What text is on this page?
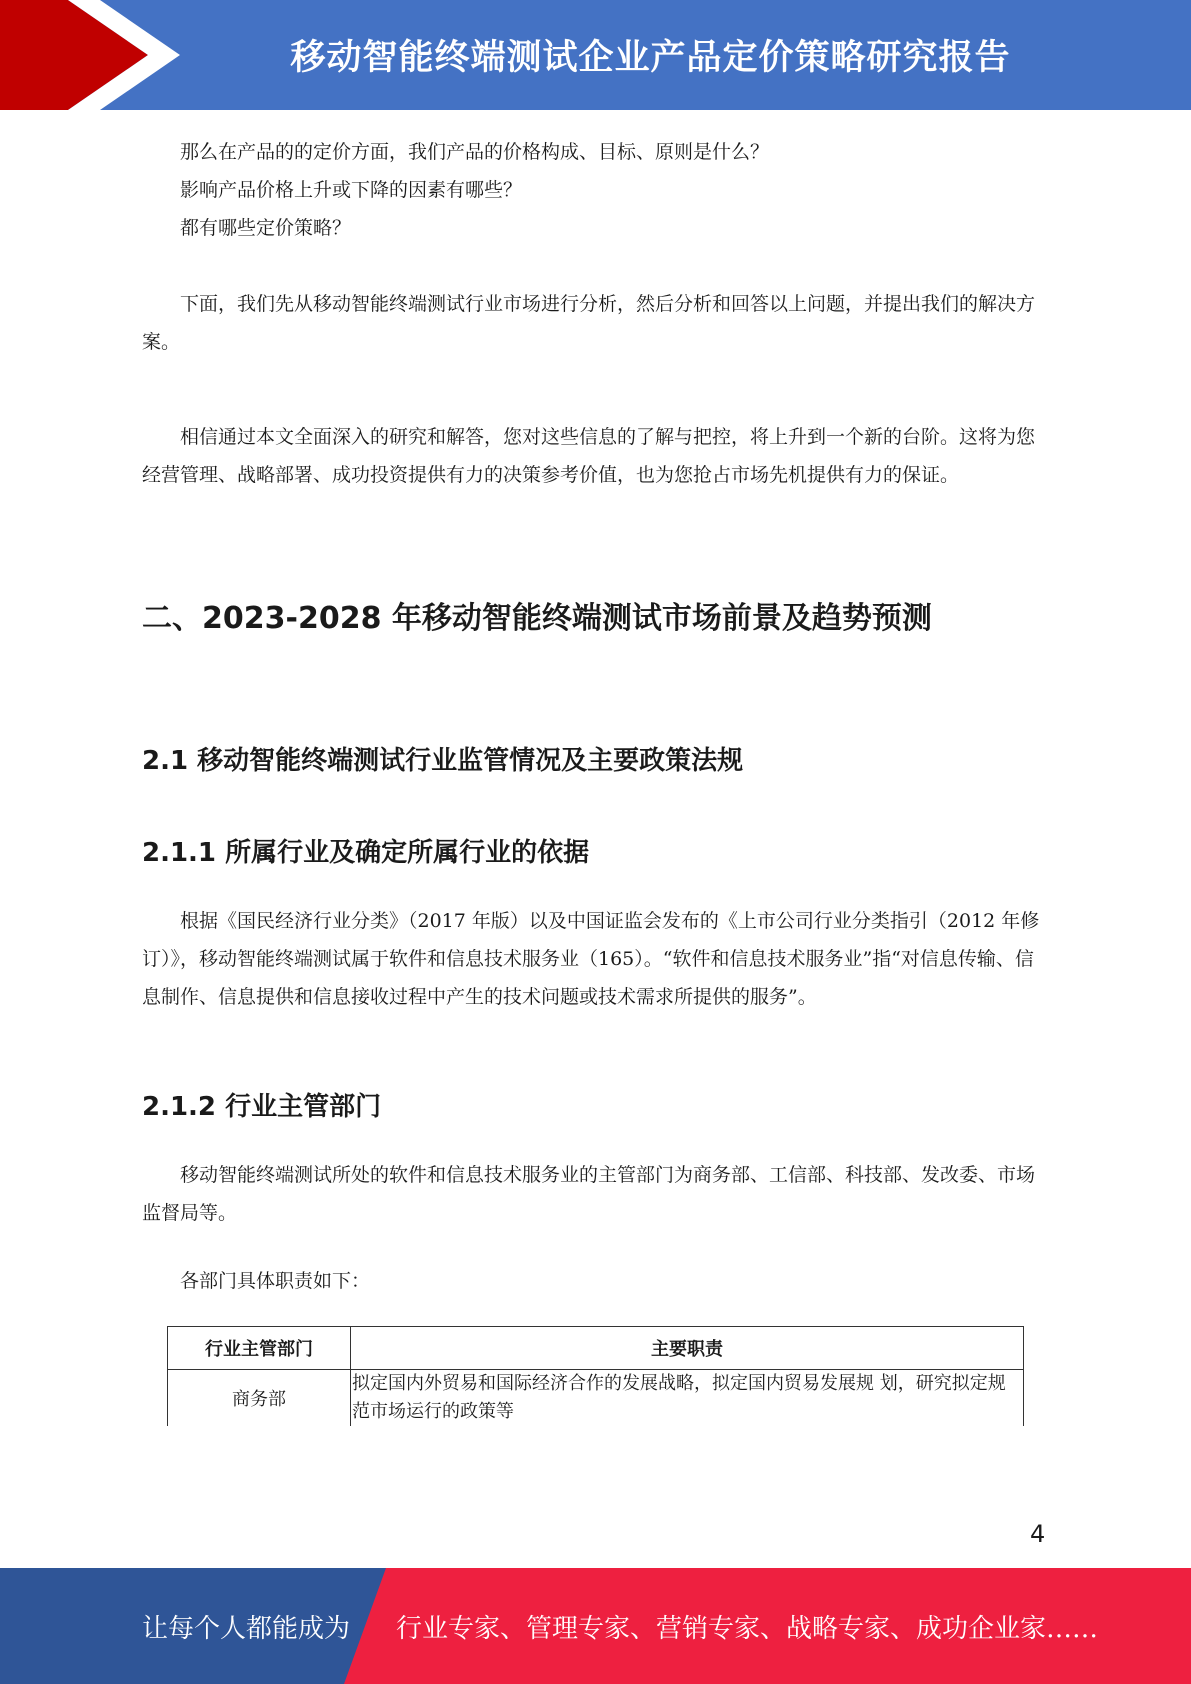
移动智能终端测试企业产品定价策略研究报告

那么在产品的的定价方面，我们产品的价格构成、目标、原则是什么？

影响产品价格上升或下降的因素有哪些？

都有哪些定价策略？

下面，我们先从移动智能终端测试行业市场进行分析，然后分析和回答以上问题，并提出我们的解决方案。

相信通过本文全面深入的研究和解答，您对这些信息的了解与把控，将上升到一个新的台阶。这将为您经营管理、战略部署、成功投资提供有力的决策参考价值，也为您抢占市场先机提供有力的保证。

二、2023-2028 年移动智能终端测试市场前景及趋势预测
2.1 移动智能终端测试行业监管情况及主要政策法规
2.1.1 所属行业及确定所属行业的依据

根据《国民经济行业分类》（2017 年版）以及中国证监会发布的《上市公司行业分类指引（2012 年修订）》，移动智能终端测试属于软件和信息技术服务业（165）。“软件和信息技术服务业”指“对信息传输、信息制作、信息提供和信息接收过程中产生的技术问题或技术需求所提供的服务”。

2.1.2 行业主管部门

移动智能终端测试所处的软件和信息技术服务业的主管部门为商务部、工信部、科技部、发改委、市场监督局等。

各部门具体职责如下：

行业主管部门	主要职责
商务部	拟定国内外贸易和国际经济合作的发展战略，拟定国内贸易发展规 划，研究拟定规范市场运行的政策等
4
让每个人都能成为 行业专家、管理专家、营销专家、战略专家、成功企业家……
